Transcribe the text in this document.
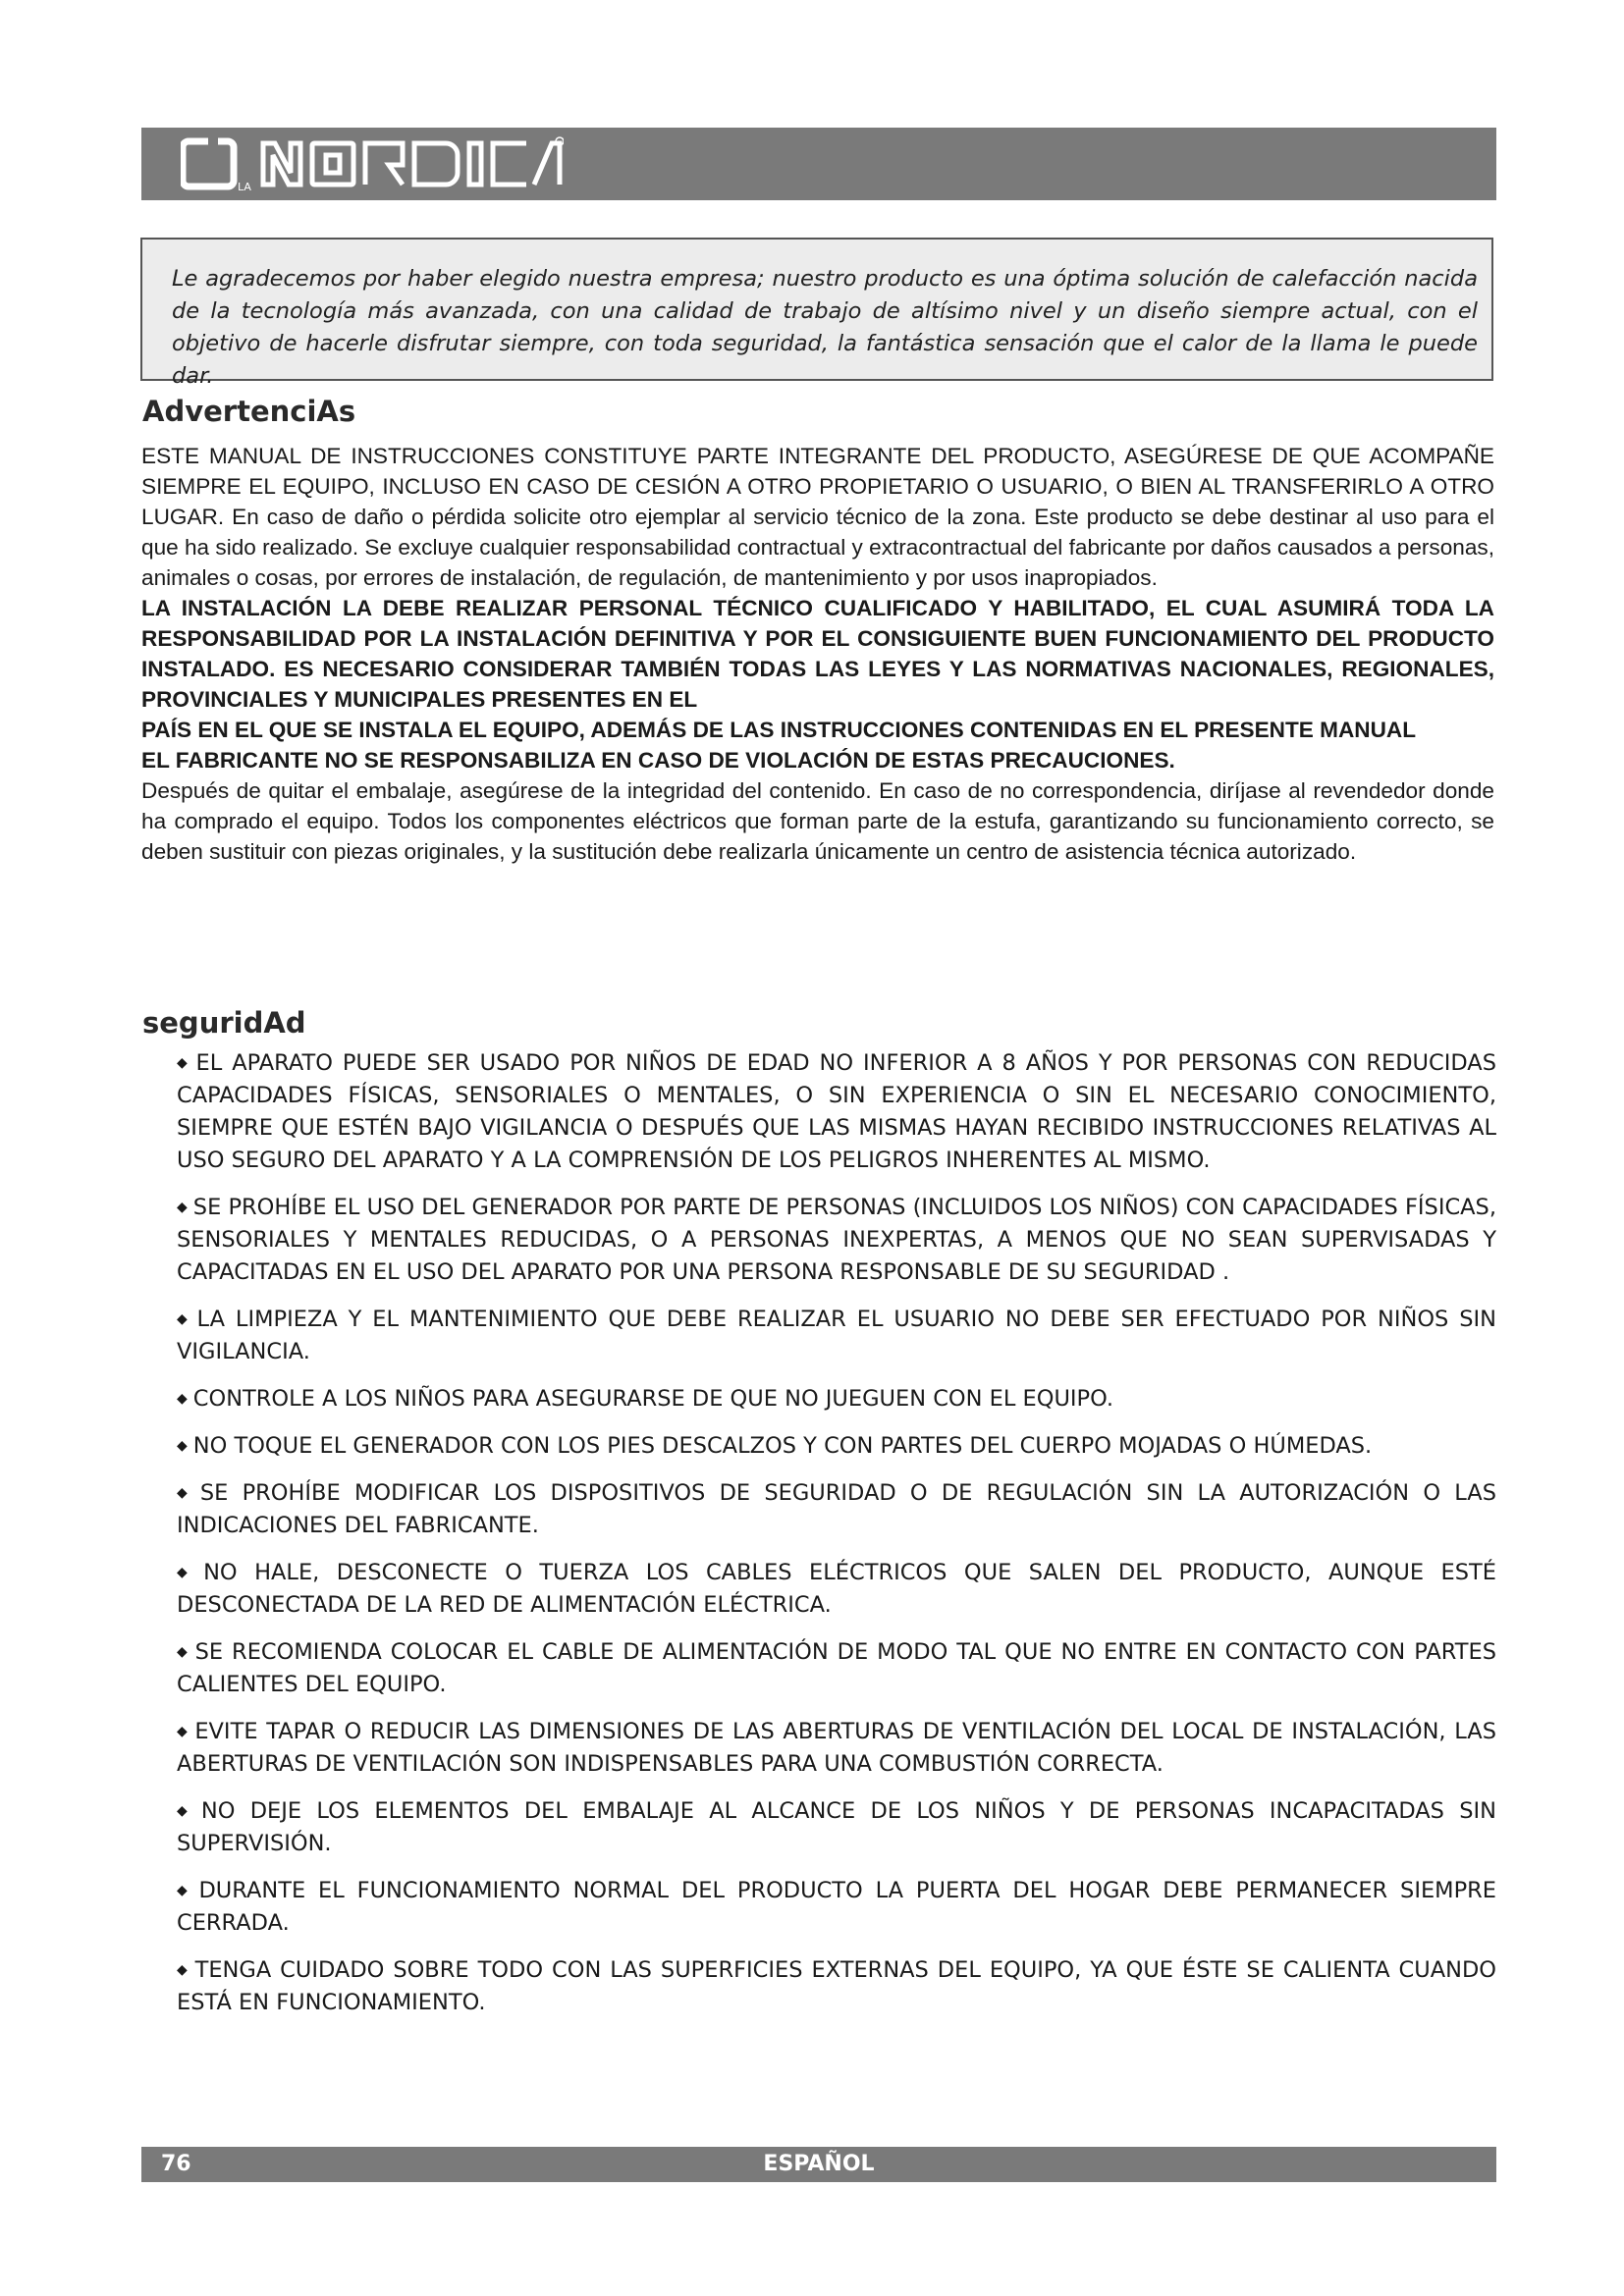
LA
Le agradecemos por haber elegido nuestra empresa; nuestro producto es una óptima solución de calefacción nacida de la tecnología más avanzada, con una calidad de trabajo de altísimo nivel y un diseño siempre actual, con el objetivo de hacerle disfrutar siempre, con toda seguridad, la fantástica sensación que el calor de la llama le puede dar.
AdvertenciAs

ESTE MANUAL DE INSTRUCCIONES CONSTITUYE PARTE INTEGRANTE DEL PRODUCTO, ASEGÚRESE DE QUE ACOMPAÑE SIEMPRE EL EQUIPO, INCLUSO EN CASO DE CESIÓN A OTRO PROPIETARIO O USUARIO, O BIEN AL TRANSFERIRLO A OTRO LUGAR. En caso de daño o pérdida solicite otro ejemplar al servicio técnico de la zona. Este producto se debe destinar al uso para el que ha sido realizado. Se excluye cualquier responsabilidad contractual y extracontractual del fabricante por daños causados a personas, animales o cosas, por errores de instalación, de regulación, de mantenimiento y por usos inapropiados.

LA INSTALACIÓN LA DEBE REALIZAR PERSONAL TÉCNICO CUALIFICADO Y HABILITADO, EL CUAL ASUMIRÁ TODA LA RESPONSABILIDAD POR LA INSTALACIÓN DEFINITIVA Y POR EL CONSIGUIENTE BUEN FUNCIONAMIENTO DEL PRODUCTO INSTALADO. ES NECESARIO CONSIDERAR TAMBIÉN TODAS LAS LEYES Y LAS NORMATIVAS NACIONALES, REGIONALES, PROVINCIALES Y MUNICIPALES PRESENTES EN EL

PAÍS EN EL QUE SE INSTALA EL EQUIPO, ADEMÁS DE LAS INSTRUCCIONES CONTENIDAS EN EL PRESENTE MANUAL

EL FABRICANTE NO SE RESPONSABILIZA EN CASO DE VIOLACIÓN DE ESTAS PRECAUCIONES.

Después de quitar el embalaje, asegúrese de la integridad del contenido. En caso de no correspondencia, diríjase al revendedor donde ha comprado el equipo. Todos los componentes eléctricos que forman parte de la estufa, garantizando su funcionamiento correcto, se deben sustituir con piezas originales, y la sustitución debe realizarla únicamente un centro de asistencia técnica autorizado.

seguridAd

◆ EL APARATO PUEDE SER USADO POR NIÑOS DE EDAD NO INFERIOR A 8 AÑOS Y POR PERSONAS CON REDUCIDAS CAPACIDADES FÍSICAS, SENSORIALES O MENTALES, O SIN EXPERIENCIA O SIN EL NECESARIO CONOCIMIENTO, SIEMPRE QUE ESTÉN BAJO VIGILANCIA O DESPUÉS QUE LAS MISMAS HAYAN RECIBIDO INSTRUCCIONES RELATIVAS AL USO SEGURO DEL APARATO Y A LA COMPRENSIÓN DE LOS PELIGROS INHERENTES AL MISMO.

◆ SE PROHÍBE EL USO DEL GENERADOR POR PARTE DE PERSONAS (INCLUIDOS LOS NIÑOS) CON CAPACIDADES FÍSICAS, SENSORIALES Y MENTALES REDUCIDAS, O A PERSONAS INEXPERTAS, A MENOS QUE NO SEAN SUPERVISADAS Y CAPACITADAS EN EL USO DEL APARATO POR UNA PERSONA RESPONSABLE DE SU SEGURIDAD .

◆ LA LIMPIEZA Y EL MANTENIMIENTO QUE DEBE REALIZAR EL USUARIO NO DEBE SER EFECTUADO POR NIÑOS SIN VIGILANCIA.

◆ CONTROLE A LOS NIÑOS PARA ASEGURARSE DE QUE NO JUEGUEN CON EL EQUIPO.

◆ NO TOQUE EL GENERADOR CON LOS PIES DESCALZOS Y CON PARTES DEL CUERPO MOJADAS O HÚMEDAS.

◆ SE PROHÍBE MODIFICAR LOS DISPOSITIVOS DE SEGURIDAD O DE REGULACIÓN SIN LA AUTORIZACIÓN O LAS INDICACIONES DEL FABRICANTE.

◆ NO HALE, DESCONECTE O TUERZA LOS CABLES ELÉCTRICOS QUE SALEN DEL PRODUCTO, AUNQUE ESTÉ DESCONECTADA DE LA RED DE ALIMENTACIÓN ELÉCTRICA.

◆ SE RECOMIENDA COLOCAR EL CABLE DE ALIMENTACIÓN DE MODO TAL QUE NO ENTRE EN CONTACTO CON PARTES CALIENTES DEL EQUIPO.

◆ EVITE TAPAR O REDUCIR LAS DIMENSIONES DE LAS ABERTURAS DE VENTILACIÓN DEL LOCAL DE INSTALACIÓN, LAS ABERTURAS DE VENTILACIÓN SON INDISPENSABLES PARA UNA COMBUSTIÓN CORRECTA.

◆ NO DEJE LOS ELEMENTOS DEL EMBALAJE AL ALCANCE DE LOS NIÑOS Y DE PERSONAS INCAPACITADAS SIN SUPERVISIÓN.

◆ DURANTE EL FUNCIONAMIENTO NORMAL DEL PRODUCTO LA PUERTA DEL HOGAR DEBE PERMANECER SIEMPRE CERRADA.

◆ TENGA CUIDADO SOBRE TODO CON LAS SUPERFICIES EXTERNAS DEL EQUIPO, YA QUE ÉSTE SE CALIENTA CUANDO ESTÁ EN FUNCIONAMIENTO.

76	ESPAÑOL
